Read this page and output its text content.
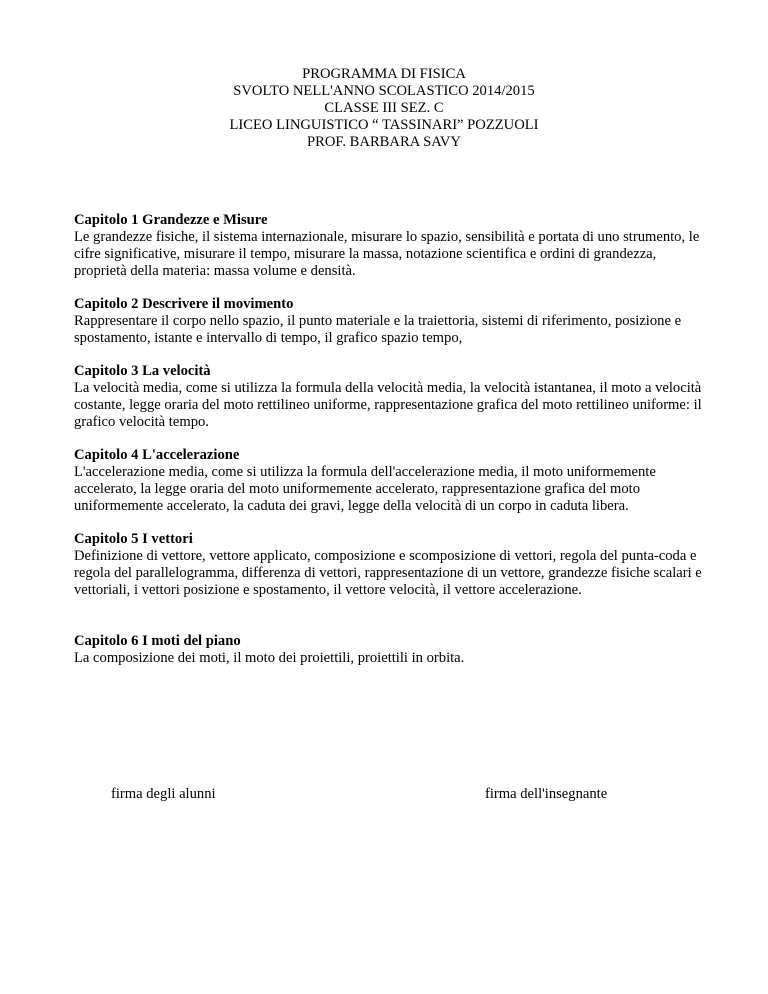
PROGRAMMA DI FISICA
SVOLTO NELL'ANNO SCOLASTICO 2014/2015
CLASSE III SEZ. C
LICEO LINGUISTICO “ TASSINARI” POZZUOLI
PROF. BARBARA SAVY
Capitolo 1 Grandezze e Misure
Le grandezze fisiche, il sistema internazionale, misurare lo spazio, sensibilità e portata di uno strumento, le cifre significative, misurare il tempo, misurare la massa, notazione scientifica e ordini di grandezza, proprietà della materia: massa volume e densità.
Capitolo 2 Descrivere il movimento
Rappresentare il corpo nello spazio, il punto materiale e la traiettoria, sistemi di riferimento, posizione e spostamento, istante e intervallo di tempo, il grafico spazio tempo,
Capitolo 3 La velocità
La velocità media, come si utilizza la formula della velocità media, la velocità istantanea, il moto a velocità costante, legge oraria del moto rettilineo uniforme, rappresentazione grafica del moto rettilineo uniforme: il grafico velocità tempo.
Capitolo 4 L'accelerazione
L'accelerazione media, come si utilizza la formula dell'accelerazione media, il moto uniformemente accelerato, la legge oraria del moto uniformemente accelerato, rappresentazione grafica del moto uniformemente accelerato, la caduta dei gravi, legge della velocità di un corpo in caduta libera.
Capitolo 5 I vettori
Definizione di vettore, vettore applicato, composizione e scomposizione di vettori, regola del punta-coda e regola del parallelogramma, differenza di vettori, rappresentazione di un vettore, grandezze fisiche scalari e vettoriali, i vettori posizione e spostamento, il vettore velocità, il vettore accelerazione.
Capitolo 6 I moti del piano
La composizione dei moti, il moto dei proiettili, proiettili in orbita.
firma degli alunni	firma dell'insegnante
